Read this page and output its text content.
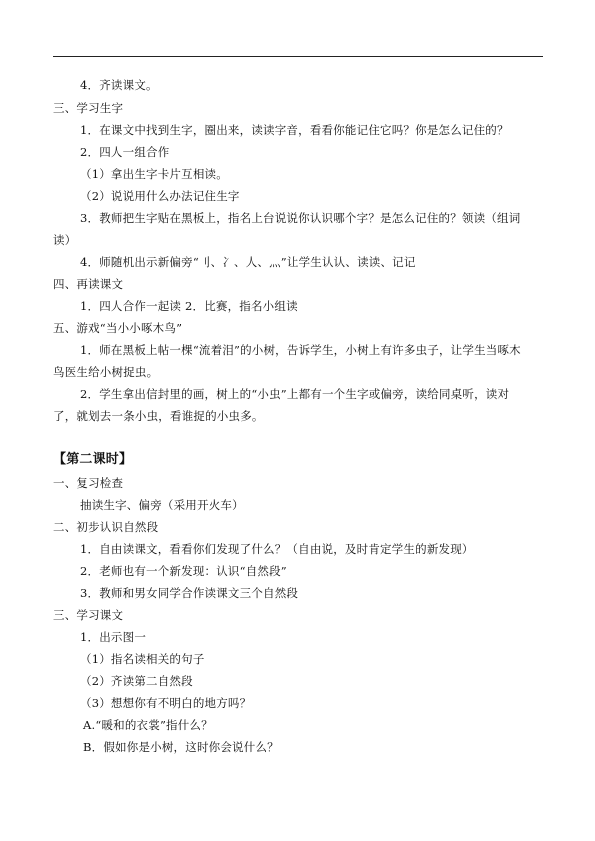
4．齐读课文。
三、学习生字
1．在课文中找到生字，圈出来，读读字音，看看你能记住它吗？你是怎么记住的？
2．四人一组合作
（1）拿出生字卡片互相读。
（2）说说用什么办法记住生字
3．教师把生字贴在黑板上，指名上台说说你认识哪个字？是怎么记住的？领读（组词
读）
4．师随机出示新偏旁“刂、冫、人、灬”让学生认认、读读、记记
四、再读课文
1．四人合作一起读 2．比赛，指名小组读
五、游戏“当小小啄木鸟”
1．师在黑板上帖一棵“流着泪”的小树，告诉学生，小树上有许多虫子，让学生当啄木
鸟医生给小树捉虫。
2．学生拿出信封里的画，树上的“小虫”上都有一个生字或偏旁，读给同桌听，读对
了，就划去一条小虫，看谁捉的小虫多。
【第二课时】
一、复习检查
抽读生字、偏旁（采用开火车）
二、初步认识自然段
1．自由读课文，看看你们发现了什么？（自由说，及时肯定学生的新发现）
2．老师也有一个新发现：认识“自然段”
3．教师和男女同学合作读课文三个自然段
三、学习课文
1．出示图一
（1）指名读相关的句子
（2）齐读第二自然段
（3）想想你有不明白的地方吗？
A.“暖和的衣裳”指什么？
B．假如你是小树，这时你会说什么？
